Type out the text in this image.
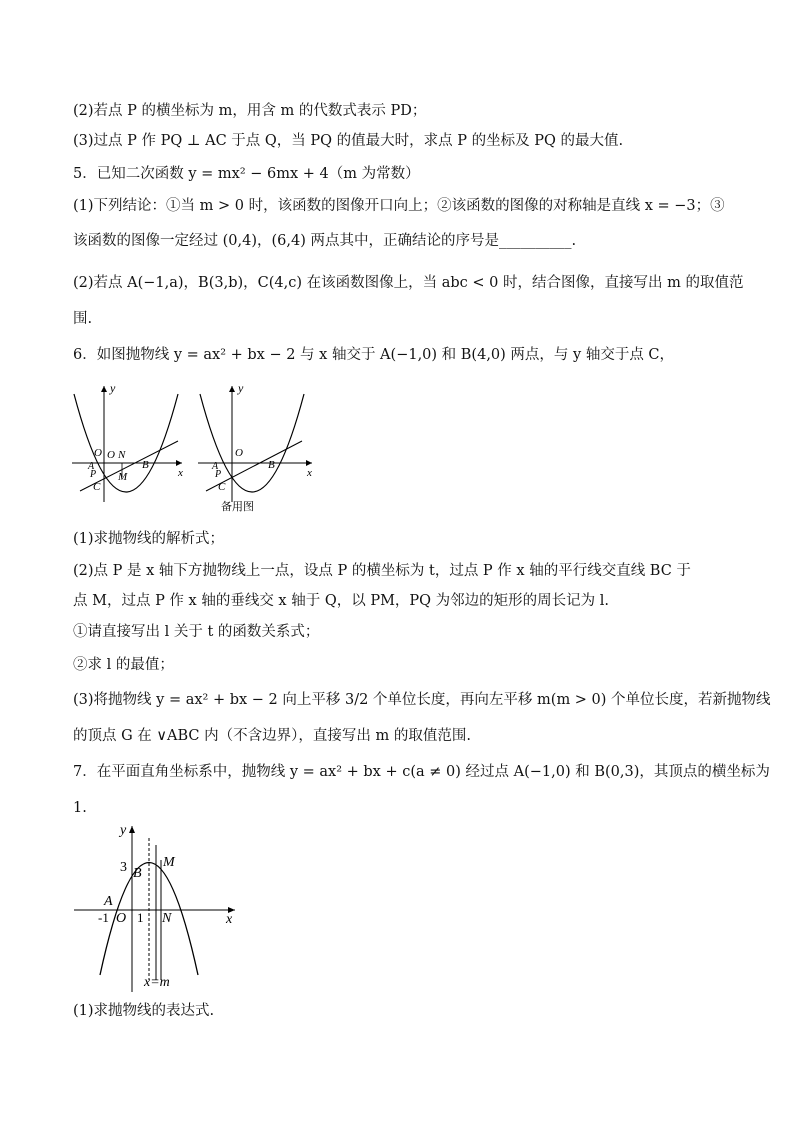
(2)若点 P 的横坐标为 m，用含 m 的代数式表示 PD；
(3)过点 P 作 PQ ⊥ AC 于点 Q，当 PQ 的值最大时，求点 P 的坐标及 PQ 的最大值.
5．已知二次函数 y = mx² − 6mx + 4（m 为常数）
(1)下列结论：①当 m > 0 时，该函数的图像开口向上；②该函数的图像的对称轴是直线 x = −3；③
该函数的图像一定经过 (0,4)，(6,4) 两点其中，正确结论的序号是__________.
(2)若点 A(−1,a)，B(3,b)，C(4,c) 在该函数图像上，当 abc < 0 时，结合图像，直接写出 m 的取值范
围.
6．如图抛物线 y = ax² + bx − 2 与 x 轴交于 A(−1,0) 和 B(4,0) 两点，与 y 轴交于点 C，
y
x
O O N
A	B
P
C
M
y
x
O
A	B
P
C
备用图
(1)求抛物线的解析式；
(2)点 P 是 x 轴下方抛物线上一点，设点 P 的横坐标为 t，过点 P 作 x 轴的平行线交直线 BC 于
点 M，过点 P 作 x 轴的垂线交 x 轴于 Q，以 PM，PQ 为邻边的矩形的周长记为 l.
①请直接写出 l 关于 t 的函数关系式；
②求 l 的最值；
(3)将抛物线 y = ax² + bx − 2 向上平移 3/2 个单位长度，再向左平移 m(m > 0) 个单位长度，若新抛物线
的顶点 G 在 ∨ABC 内（不含边界），直接写出 m 的取值范围.
7．在平面直角坐标系中，抛物线 y = ax² + bx + c(a ≠ 0) 经过点 A(−1,0) 和 B(0,3)，其顶点的横坐标为
1.
y
x
3 B
M
A
-1 O 1 N
x=m
(1)求抛物线的表达式.
